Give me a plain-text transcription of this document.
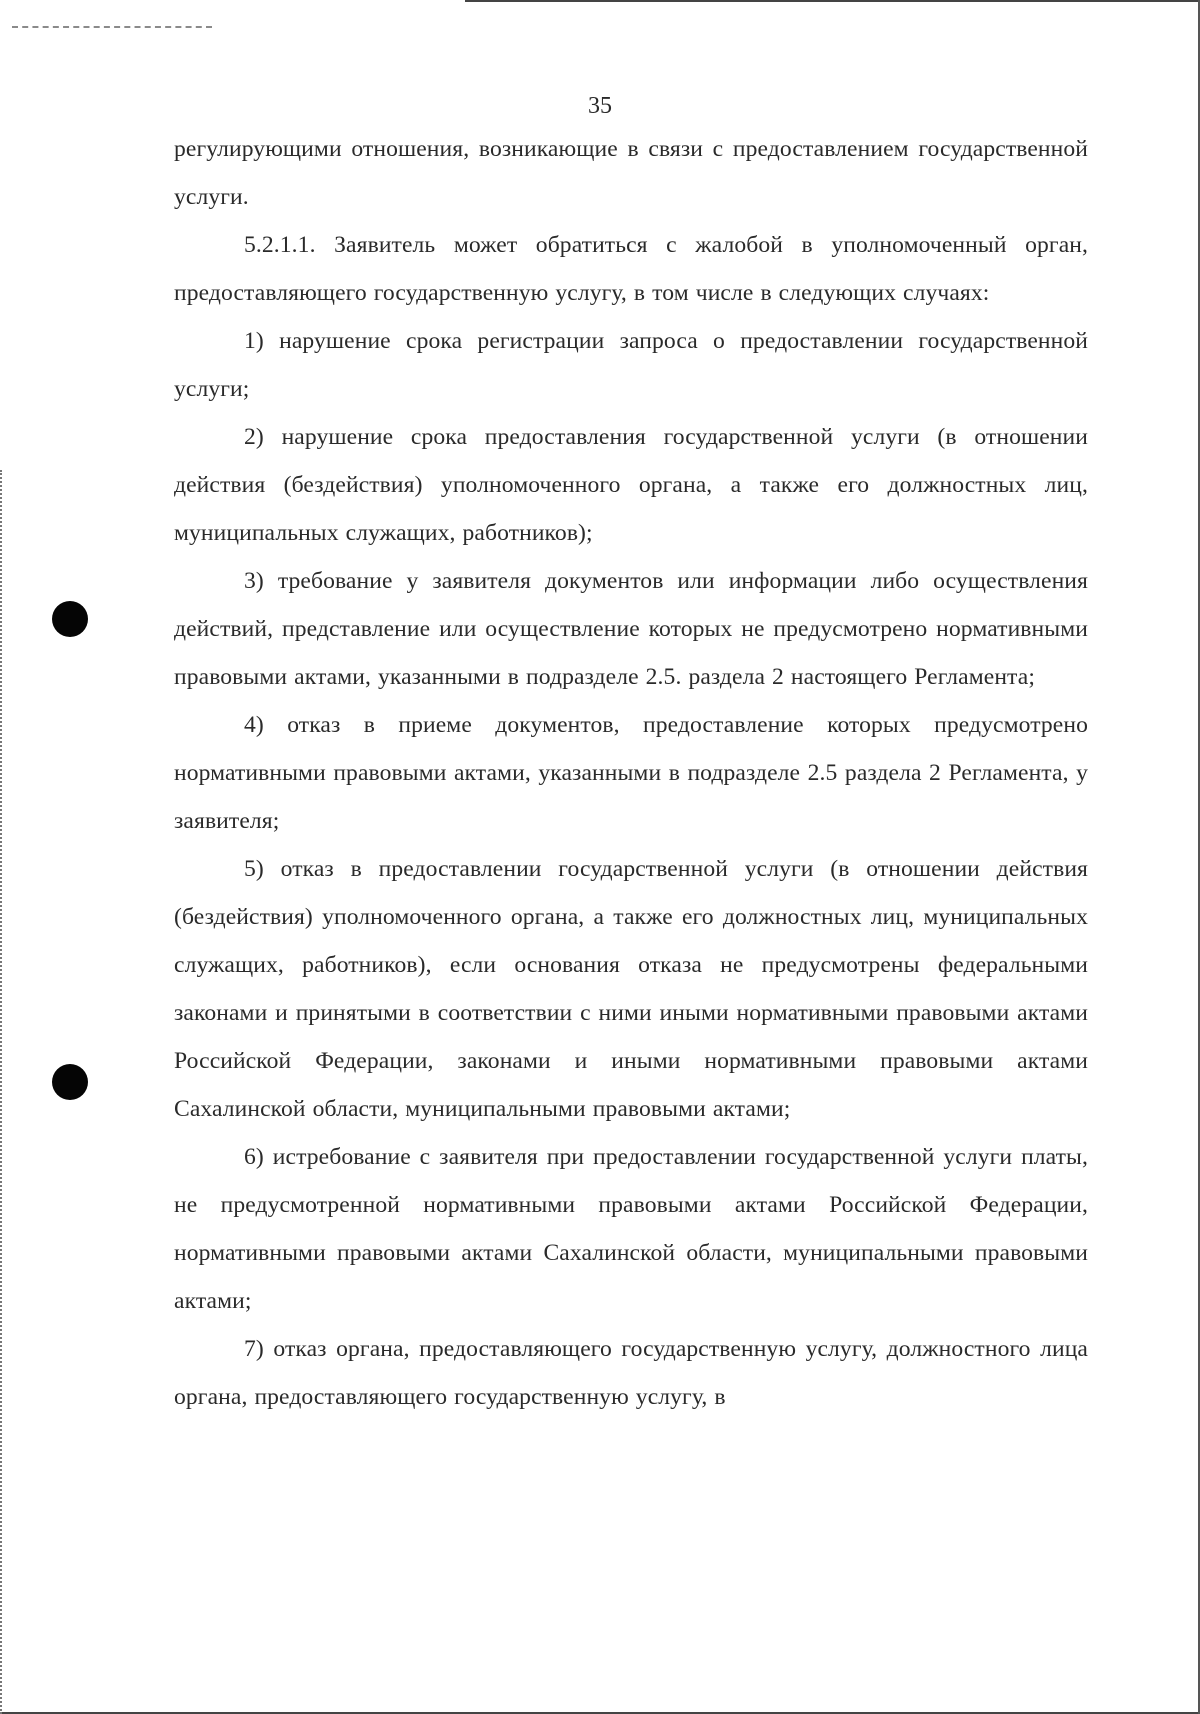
35

регулирующими отношения, возникающие в связи с предоставлением государственной услуги.

5.2.1.1. Заявитель может обратиться с жалобой в уполномоченный орган, предоставляющего государственную услугу, в том числе в следующих случаях:

1) нарушение срока регистрации запроса о предоставлении государственной услуги;

2) нарушение срока предоставления государственной услуги (в отношении действия (бездействия) уполномоченного органа, а также его должностных лиц, муниципальных служащих, работников);

3) требование у заявителя документов или информации либо осуществления действий, представление или осуществление которых не предусмотрено нормативными правовыми актами, указанными в подразделе 2.5. раздела 2 настоящего Регламента;

4) отказ в приеме документов, предоставление которых предусмотрено нормативными правовыми актами, указанными в подразделе 2.5 раздела 2 Регламента, у заявителя;

5) отказ в предоставлении государственной услуги (в отношении действия (бездействия) уполномоченного органа, а также его должностных лиц, муниципальных служащих, работников), если основания отказа не предусмотрены федеральными законами и принятыми в соответствии с ними иными нормативными правовыми актами Российской Федерации, законами и иными нормативными правовыми актами Сахалинской области, муниципальными правовыми актами;

6) истребование с заявителя при предоставлении государственной услуги платы, не предусмотренной нормативными правовыми актами Российской Федерации, нормативными правовыми актами Сахалинской области, муниципальными правовыми актами;

7) отказ органа, предоставляющего государственную услугу, должностного лица органа, предоставляющего государственную услугу, в
